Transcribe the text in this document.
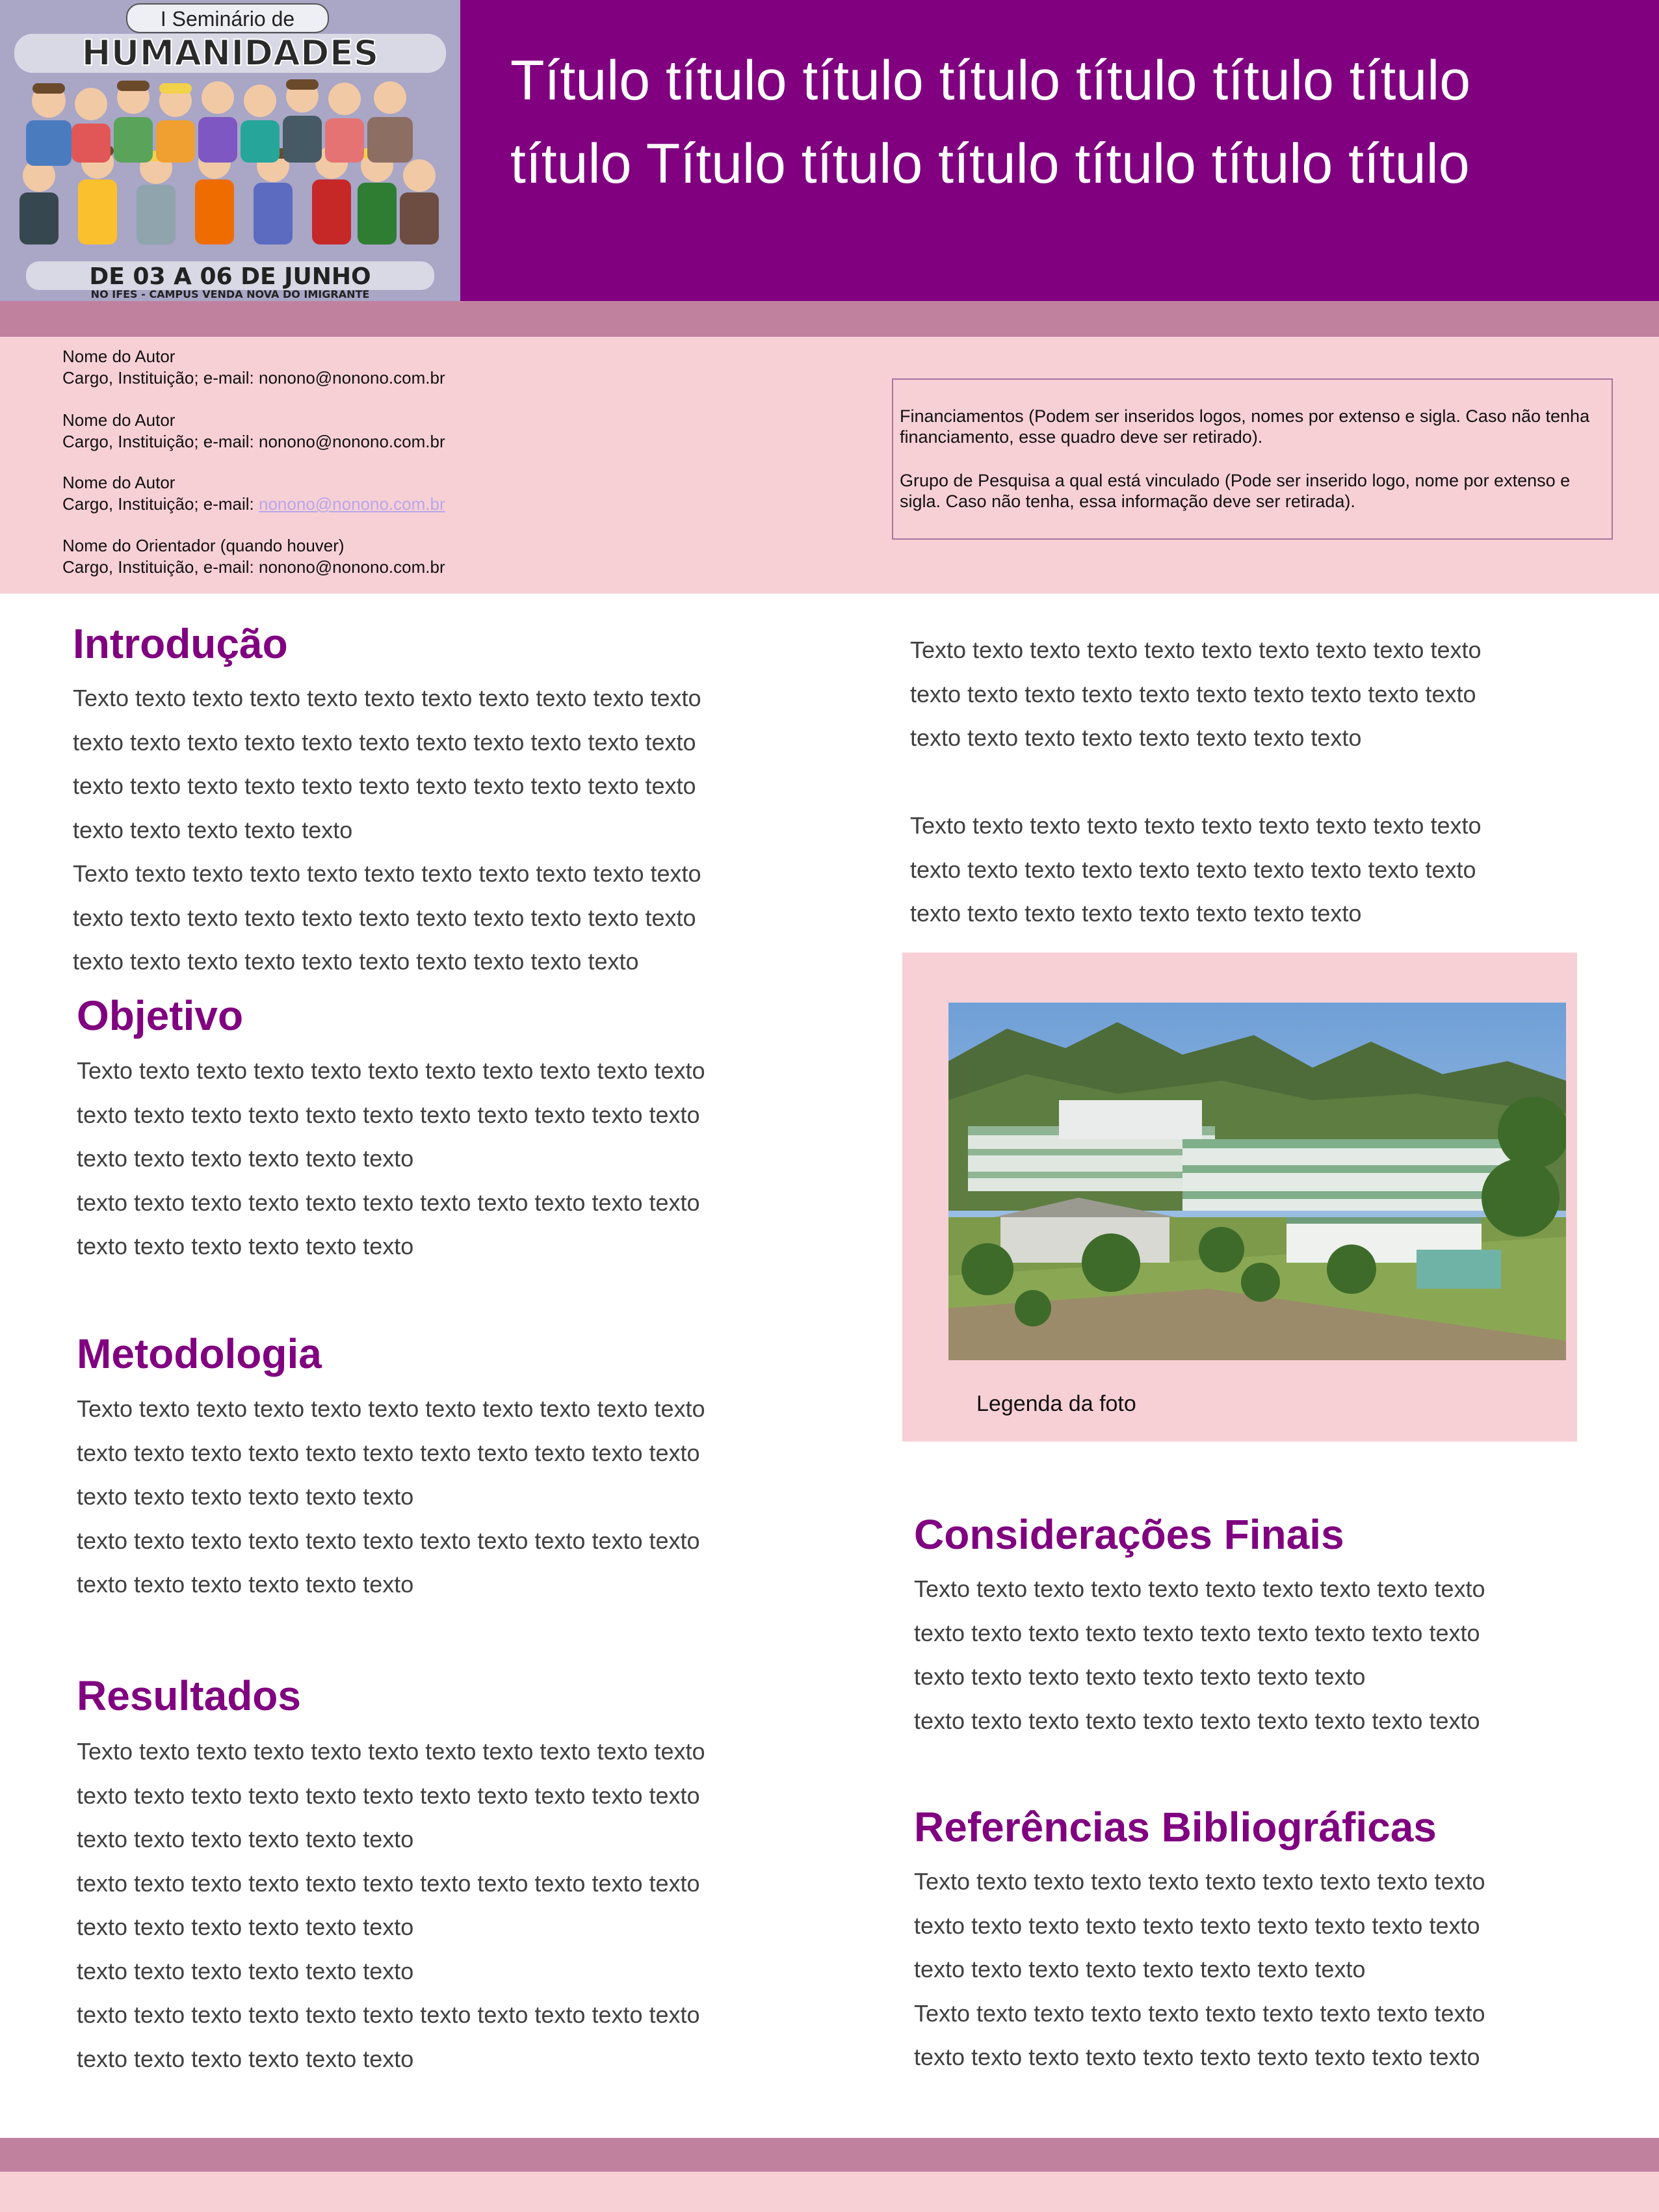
I Seminário de
HUMANIDADES
DE 03 A 06 DE JUNHO
NO IFES - CAMPUS VENDA NOVA DO IMIGRANTE
Título título título título título título título
título Título título título título título título
Nome do Autor
Cargo, Instituição; e-mail: nonono@nonono.com.br
Nome do Autor
Cargo, Instituição; e-mail: nonono@nonono.com.br
Nome do Autor
Cargo, Instituição; e-mail: nonono@nonono.com.br
Nome do Orientador (quando houver)
Cargo, Instituição, e-mail: nonono@nonono.com.br

Financiamentos (Podem ser inseridos logos, nomes por extenso e sigla. Caso não tenha financiamento, esse quadro deve ser retirado).

Grupo de Pesquisa a qual está vinculado (Pode ser inserido logo, nome por extenso e sigla. Caso não tenha, essa informação deve ser retirada).

Introdução
Texto texto texto texto texto texto texto texto texto texto texto
texto texto texto texto texto texto texto texto texto texto texto
texto texto texto texto texto texto texto texto texto texto texto
texto texto texto texto texto
Texto texto texto texto texto texto texto texto texto texto texto
texto texto texto texto texto texto texto texto texto texto texto
texto texto texto texto texto texto texto texto texto texto
Objetivo
Texto texto texto texto texto texto texto texto texto texto texto
texto texto texto texto texto texto texto texto texto texto texto
texto texto texto texto texto texto
texto texto texto texto texto texto texto texto texto texto texto
texto texto texto texto texto texto
Metodologia
Texto texto texto texto texto texto texto texto texto texto texto
texto texto texto texto texto texto texto texto texto texto texto
texto texto texto texto texto texto
texto texto texto texto texto texto texto texto texto texto texto
texto texto texto texto texto texto
Resultados
Texto texto texto texto texto texto texto texto texto texto texto
texto texto texto texto texto texto texto texto texto texto texto
texto texto texto texto texto texto
texto texto texto texto texto texto texto texto texto texto texto
texto texto texto texto texto texto
texto texto texto texto texto texto
texto texto texto texto texto texto texto texto texto texto texto
texto texto texto texto texto texto
Texto texto texto texto texto texto texto texto texto texto
texto texto texto texto texto texto texto texto texto texto
texto texto texto texto texto texto texto texto

Texto texto texto texto texto texto texto texto texto texto
texto texto texto texto texto texto texto texto texto texto
texto texto texto texto texto texto texto texto
Legenda da foto
Considerações Finais
Texto texto texto texto texto texto texto texto texto texto
texto texto texto texto texto texto texto texto texto texto
texto texto texto texto texto texto texto texto
texto texto texto texto texto texto texto texto texto texto
Referências Bibliográficas
Texto texto texto texto texto texto texto texto texto texto
texto texto texto texto texto texto texto texto texto texto
texto texto texto texto texto texto texto texto
Texto texto texto texto texto texto texto texto texto texto
texto texto texto texto texto texto texto texto texto texto
